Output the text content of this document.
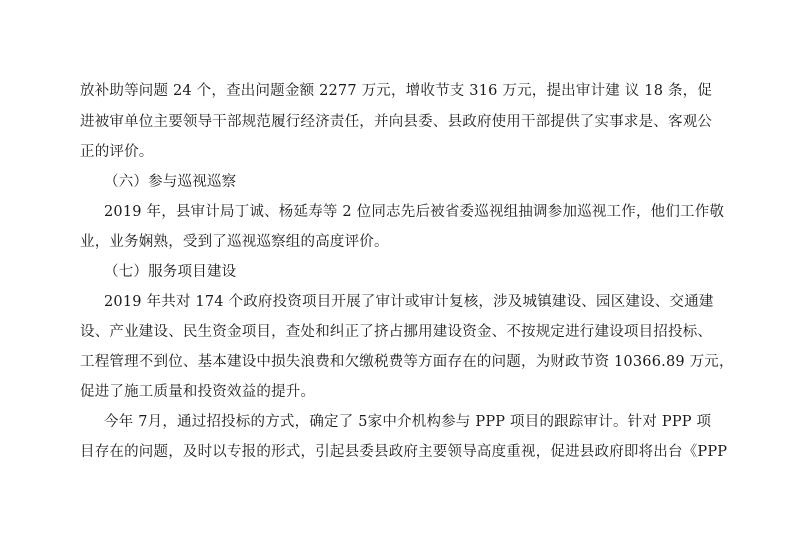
放补助等问题 24 个，查出问题金额 2277 万元，增收节支 316 万元，提出审计建 议 18 条，促
进被审单位主要领导干部规范履行经济责任，并向县委、县政府使用干部提供了实事求是、客观公
正的评价。
（六）参与巡视巡察
2019 年，县审计局丁诚、杨延寿等 2 位同志先后被省委巡视组抽调参加巡视工作，他们工作敬
业，业务娴熟，受到了巡视巡察组的高度评价。
（七）服务项目建设
2019 年共对 174 个政府投资项目开展了审计或审计复核，涉及城镇建设、园区建设、交通建
设、产业建设、民生资金项目，查处和纠正了挤占挪用建设资金、不按规定进行建设项目招投标、
工程管理不到位、基本建设中损失浪费和欠缴税费等方面存在的问题，为财政节资 10366.89 万元，
促进了施工质量和投资效益的提升。
今年 7月，通过招投标的方式，确定了 5家中介机构参与 PPP 项目的跟踪审计。针对 PPP 项
目存在的问题，及时以专报的形式，引起县委县政府主要领导高度重视，促进县政府即将出台《PPP
